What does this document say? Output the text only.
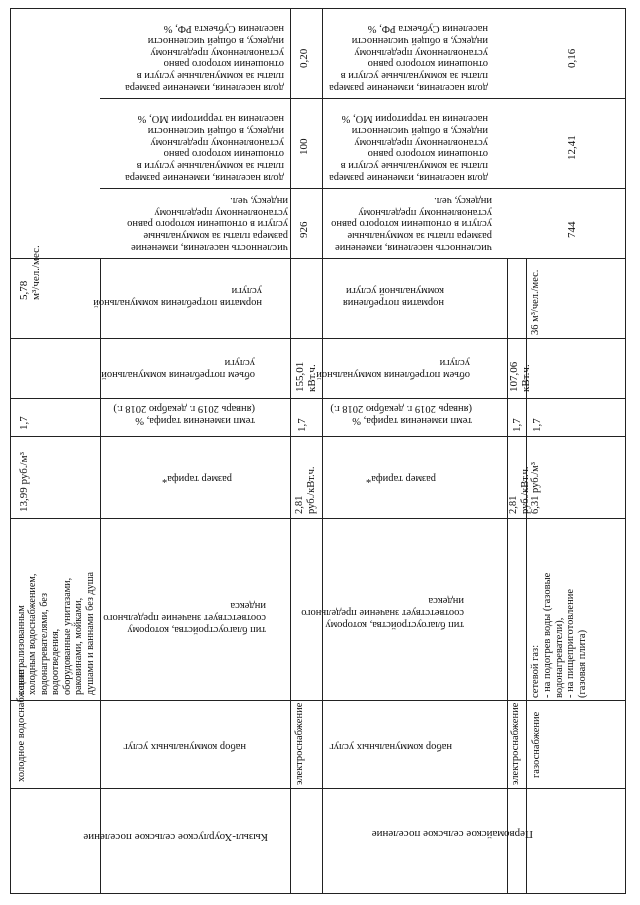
холодное водоснабжение
с централизованным
холодным водоснабжением,
водонагревателями, без
водоотведения,
оборудованные унитазами,
раковинами, мойками,
душами и ваннами без душа
13,99 руб./м³
1,7
5,78
м³/чел./мес.
Кызыл-Хоурлуское сельское поселение
набор коммунальных услуг
тип благоустройства, которому
соответствует значение предельного
индекса
размер тарифа*
темп изменения тарифа, %
(январь 2019 г. декабрю 2018 г.)
объем потребления коммунальной
услуги
норматив потребления коммунальной
услуги
численность населения, изменение
размера платы за коммунальные
услуги в отношении которого равно
установленному предельному
индексу, чел.
доля населения, изменение размера
платы за коммунальные услуги в
отношении которого равно
установленному предельному
индексу, в общей численности
населения на территории МО, %
доля населения, изменение размера
платы за коммунальные услуги в
отношении которого равно
установленному предельному
индексу, в общей численности
населения Субъекта РФ, %
электроснабжение
2,81
руб./кВт.ч.
1,7
155,01
кВт.ч.
926
100
0,20
Первомайское сельское поселение
набор коммунальных услуг
тип благоустройства, которому
соответствует значение предельного
индекса
размер тарифа*
темп изменения тарифа, %
(январь 2019 г. декабрю 2018 г.)
объем потребления коммунальной
услуги
норматив потребления
коммунальной услуги
численность населения, изменение
размера платы за коммунальные
услуги в отношении которого равно
установленному предельному
индексу, чел.
доля населения, изменение размера
платы за коммунальные услуги в
отношении которого равно
установленному предельному
индексу, в общей численности
населения на территории МО, %
доля населения, изменение размера
платы за коммунальные услуги в
отношении которого равно
установленному предельному
индексу, в общей численности
населения Субъекта РФ, %
электроснабжение
2,81
руб./кВт.ч.
1,7
107,06
кВт.ч.
газоснабжение
сетевой газ:
- на подогрев воды (газовые
водонагреватели),
- на пищеприготовление
(газовая плита)
6,31 руб./м³
1,7
36 м³/чел./мес.
744
12,41
0,16
